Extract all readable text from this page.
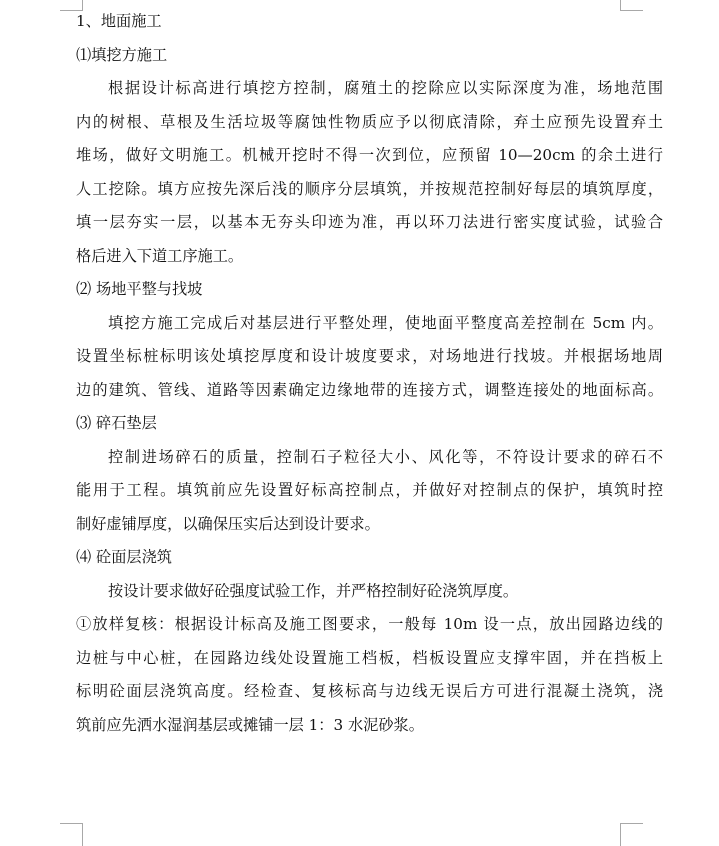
1、地面施工

⑴填挖方施工

根据设计标高进行填挖方控制，腐殖土的挖除应以实际深度为准，场地范围

内的树根、草根及生活垃圾等腐蚀性物质应予以彻底清除，弃土应预先设置弃土

堆场，做好文明施工。机械开挖时不得一次到位，应预留 10—20cm 的余土进行

人工挖除。填方应按先深后浅的顺序分层填筑，并按规范控制好每层的填筑厚度，

填一层夯实一层，以基本无夯头印迹为准，再以环刀法进行密实度试验，试验合

格后进入下道工序施工。

⑵ 场地平整与找坡

填挖方施工完成后对基层进行平整处理，使地面平整度高差控制在 5cm 内。

设置坐标桩标明该处填挖厚度和设计坡度要求，对场地进行找坡。并根据场地周

边的建筑、管线、道路等因素确定边缘地带的连接方式，调整连接处的地面标高。

⑶ 碎石垫层

控制进场碎石的质量，控制石子粒径大小、风化等，不符设计要求的碎石不

能用于工程。填筑前应先设置好标高控制点，并做好对控制点的保护，填筑时控

制好虚铺厚度，以确保压实后达到设计要求。

⑷ 砼面层浇筑

按设计要求做好砼强度试验工作，并严格控制好砼浇筑厚度。

①放样复核：根据设计标高及施工图要求，一般每 10m 设一点，放出园路边线的

边桩与中心桩，在园路边线处设置施工档板，档板设置应支撑牢固，并在挡板上

标明砼面层浇筑高度。经检查、复核标高与边线无误后方可进行混凝土浇筑，浇

筑前应先洒水湿润基层或摊铺一层 1：3 水泥砂浆。
